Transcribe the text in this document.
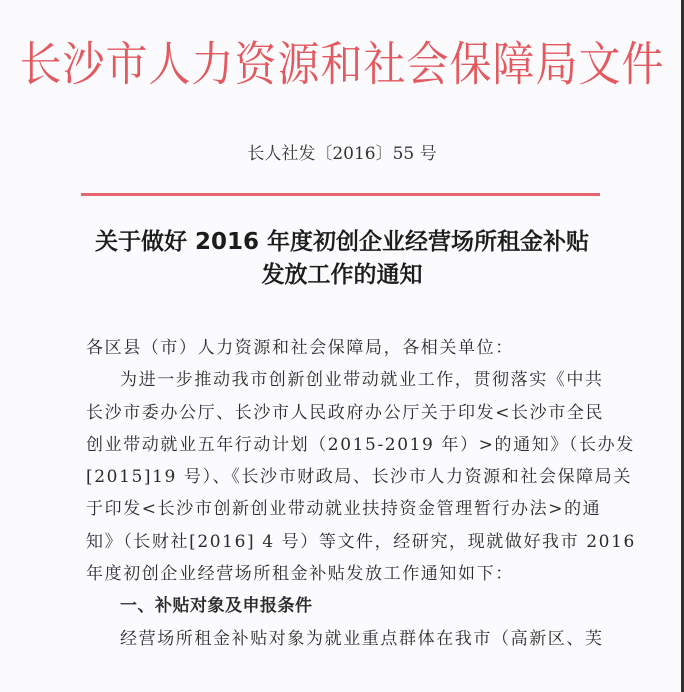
长沙市人力资源和社会保障局文件
长人社发〔2016〕55 号
关于做好 2016 年度初创企业经营场所租金补贴
发放工作的通知
各区县（市）人力资源和社会保障局，各相关单位：
为进一步推动我市创新创业带动就业工作，贯彻落实《中共
长沙市委办公厅、长沙市人民政府办公厅关于印发<长沙市全民
创业带动就业五年行动计划（2015-2019 年）>的通知》（长办发
[2015]19 号）、《长沙市财政局、长沙市人力资源和社会保障局关
于印发<长沙市创新创业带动就业扶持资金管理暂行办法>的通
知》（长财社[2016] 4 号）等文件，经研究，现就做好我市 2016
年度初创企业经营场所租金补贴发放工作通知如下：
一、补贴对象及申报条件
经营场所租金补贴对象为就业重点群体在我市（高新区、芙
